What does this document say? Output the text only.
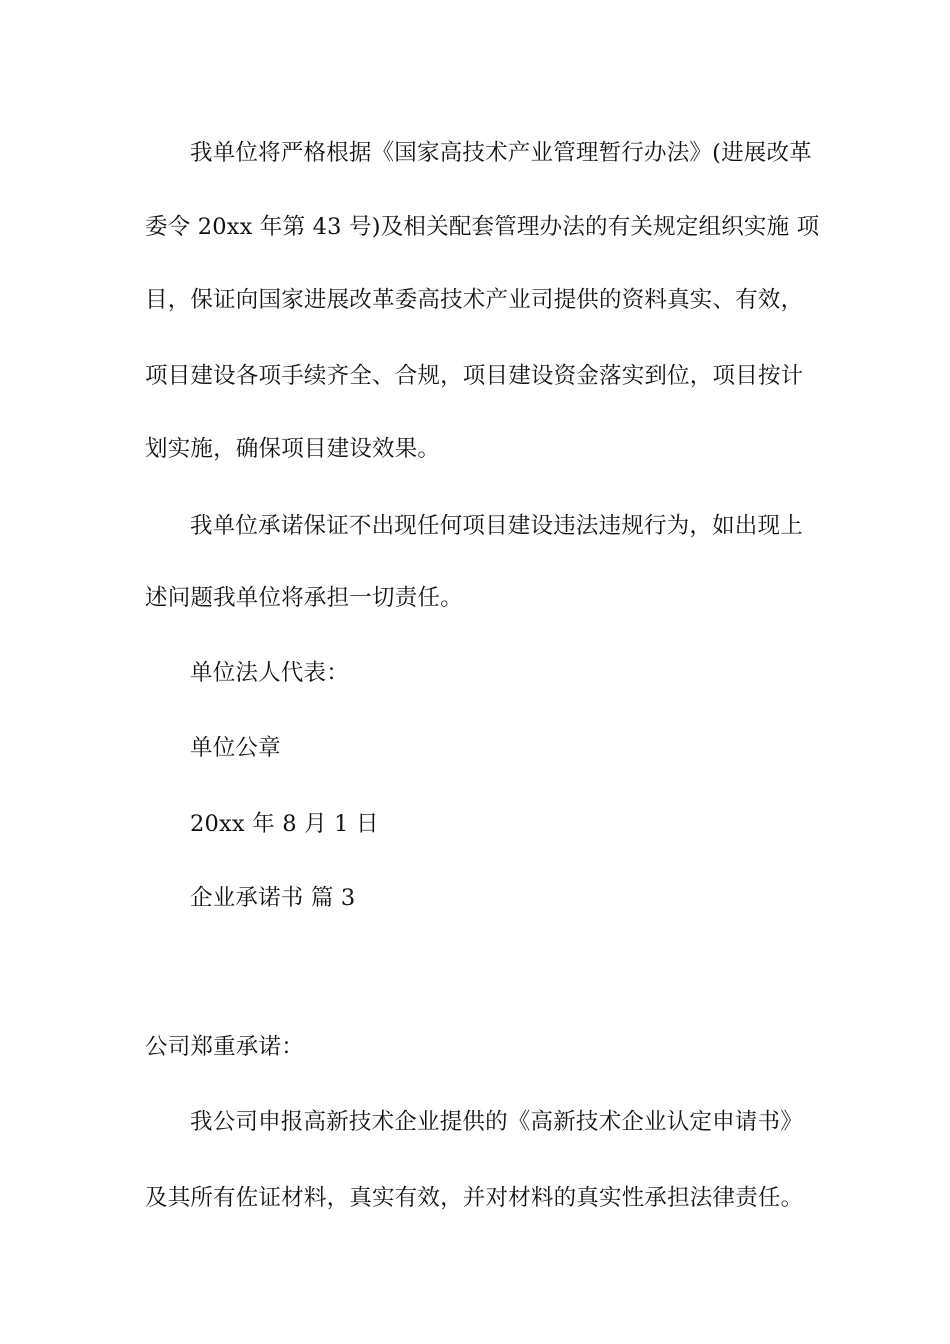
我单位将严格根据《国家高技术产业管理暂行办法》(进展改革
委令 20xx 年第 43 号)及相关配套管理办法的有关规定组织实施 项
目，保证向国家进展改革委高技术产业司提供的资料真实、有效，
项目建设各项手续齐全、合规，项目建设资金落实到位，项目按计
划实施，确保项目建设效果。
我单位承诺保证不出现任何项目建设违法违规行为，如出现上
述问题我单位将承担一切责任。
单位法人代表：
单位公章
20xx 年 8 月 1 日
企业承诺书 篇 3
公司郑重承诺：
我公司申报高新技术企业提供的《高新技术企业认定申请书》
及其所有佐证材料，真实有效，并对材料的真实性承担法律责任。
